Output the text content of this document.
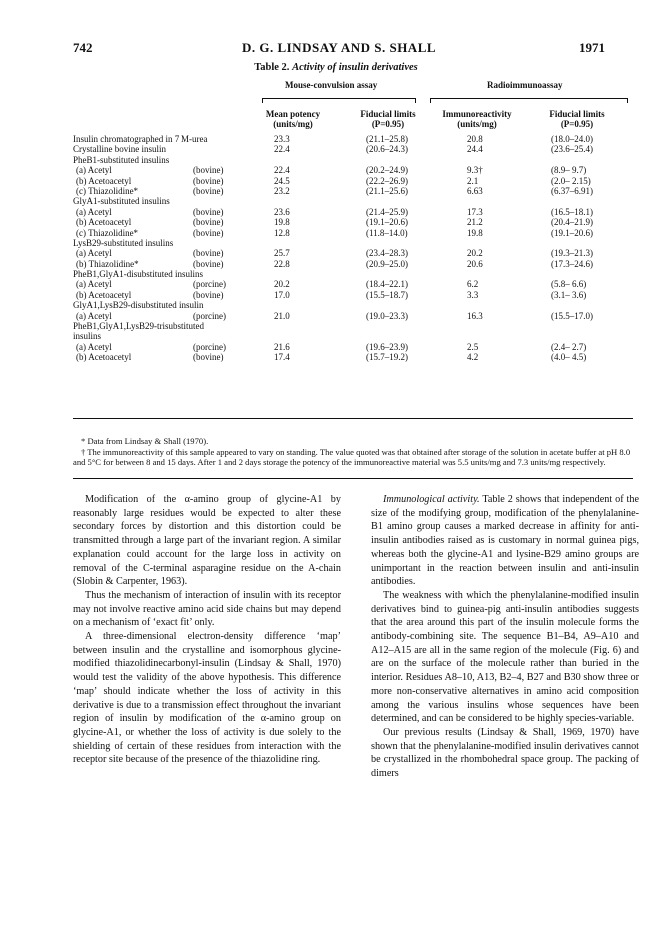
742	D. G. LINDSAY AND S. SHALL	1971
Table 2. Activity of insulin derivatives
Mouse-convulsion assay	Radioimmunoassay
Mean potency
(units/mg)
Fiducial limits
(P=0.95)
Immunoreactivity
(units/mg)
Fiducial limits
(P=0.95)
Insulin chromatographed in 7 M-urea	23.3	(21.1–25.8)	20.8	(18.0–24.0)
Crystalline bovine insulin	22.4	(20.6–24.3)	24.4	(23.6–25.4)
PheB1-substituted insulins
(a) Acetyl	(bovine)	22.4	(20.2–24.9)	9.3†	(8.9– 9.7)
(b) Acetoacetyl	(bovine)	24.5	(22.2–26.9)	2.1	(2.0– 2.15)
(c) Thiazolidine*	(bovine)	23.2	(21.1–25.6)	6.63	(6.37–6.91)
GlyA1-substituted insulins
(a) Acetyl	(bovine)	23.6	(21.4–25.9)	17.3	(16.5–18.1)
(b) Acetoacetyl	(bovine)	19.8	(19.1–20.6)	21.2	(20.4–21.9)
(c) Thiazolidine*	(bovine)	12.8	(11.8–14.0)	19.8	(19.1–20.6)
LysB29-substituted insulins
(a) Acetyl	(bovine)	25.7	(23.4–28.3)	20.2	(19.3–21.3)
(b) Thiazolidine*	(bovine)	22.8	(20.9–25.0)	20.6	(17.3–24.6)
PheB1,GlyA1-disubstituted insulins
(a) Acetyl	(porcine)	20.2	(18.4–22.1)	6.2	(5.8– 6.6)
(b) Acetoacetyl	(bovine)	17.0	(15.5–18.7)	3.3	(3.1– 3.6)
GlyA1,LysB29-disubstituted insulin
(a) Acetyl	(porcine)	21.0	(19.0–23.3)	16.3	(15.5–17.0)
PheB1,GlyA1,LysB29-trisubstituted
insulins
(a) Acetyl	(porcine)	21.6	(19.6–23.9)	2.5	(2.4– 2.7)
(b) Acetoacetyl	(bovine)	17.4	(15.7–19.2)	4.2	(4.0– 4.5)

* Data from Lindsay & Shall (1970).

† The immunoreactivity of this sample appeared to vary on standing. The value quoted was that obtained after storage of the solution in acetate buffer at pH 8.0 and 5°C for between 8 and 15 days. After 1 and 2 days storage the potency of the immunoreactive material was 5.5 units/mg and 7.3 units/mg respectively.

Modification of the α-amino group of glycine-A1 by reasonably large residues would be expected to alter these secondary forces by distortion and this distortion could be transmitted through a large part of the invariant region. A similar explanation could account for the large loss in activity on removal of the C-terminal asparagine residue on the A-chain (Slobin & Carpenter, 1963).

Thus the mechanism of interaction of insulin with its receptor may not involve reactive amino acid side chains but may depend on a mechanism of ‘exact fit’ only.

A three-dimensional electron-density difference ‘map’ between insulin and the crystalline and isomorphous glycine-modified thiazolidinecarbonyl-insulin (Lindsay & Shall, 1970) would test the validity of the above hypothesis. This difference ‘map’ should indicate whether the loss of activity in this derivative is due to a transmission effect throughout the invariant region of insulin by modification of the α-amino group on glycine-A1, or whether the loss of activity is due solely to the shielding of certain of these residues from interaction with the receptor site because of the presence of the thiazolidine ring.

Immunological activity. Table 2 shows that independent of the size of the modifying group, modification of the phenylalanine-B1 amino group causes a marked decrease in affinity for anti-insulin antibodies raised as is customary in normal guinea pigs, whereas both the glycine-A1 and lysine-B29 amino groups are unimportant in the reaction between insulin and anti-insulin antibodies.

The weakness with which the phenylalanine-modified insulin derivatives bind to guinea-pig anti-insulin antibodies suggests that the area around this part of the insulin molecule forms the antibody-combining site. The sequence B1–B4, A9–A10 and A12–A15 are all in the same region of the molecule (Fig. 6) and are on the surface of the molecule rather than buried in the interior. Residues A8–10, A13, B2–4, B27 and B30 show three or more non-conservative alternatives in amino acid composition among the various insulins whose sequences have been determined, and can be considered to be highly species-variable.

Our previous results (Lindsay & Shall, 1969, 1970) have shown that the phenylalanine-modified insulin derivatives cannot be crystallized in the rhombohedral space group. The packing of dimers
